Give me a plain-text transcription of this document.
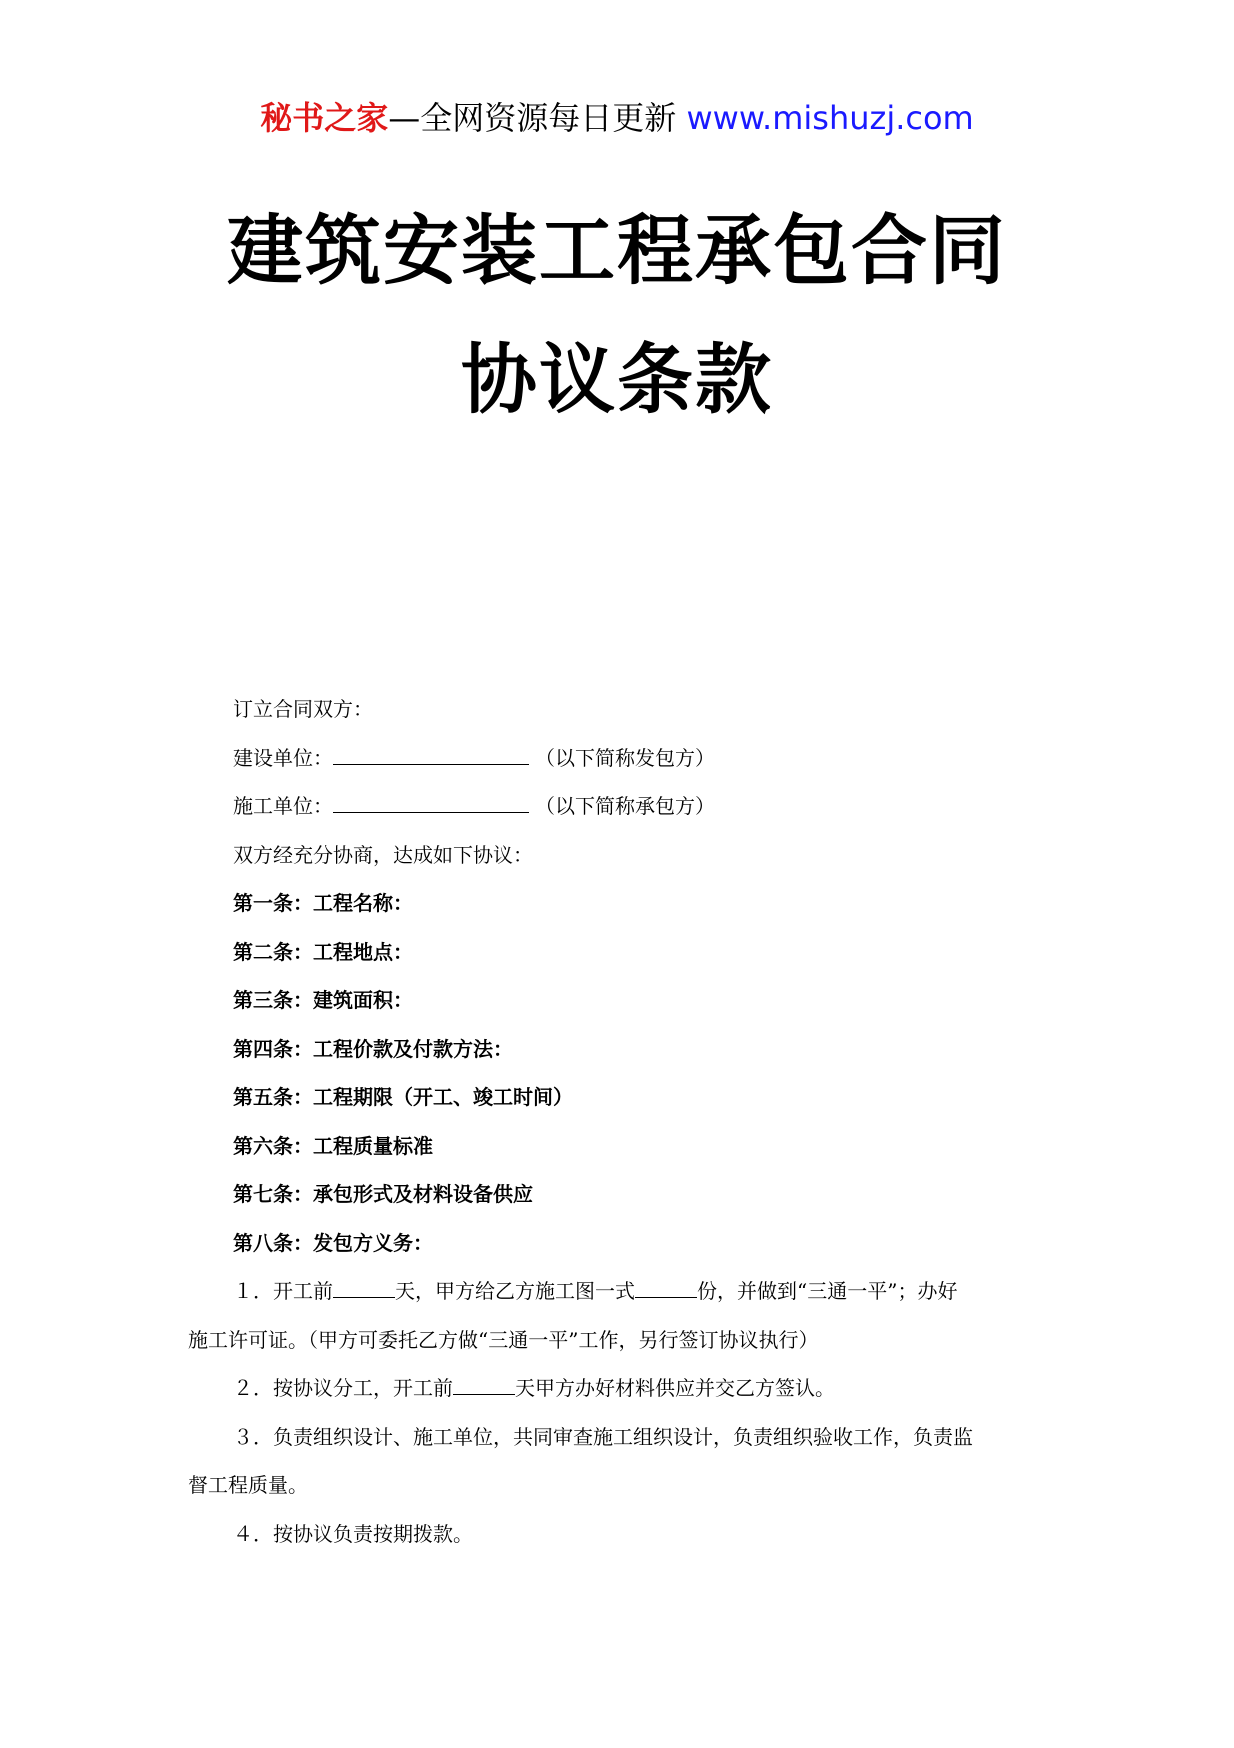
秘书之家—全网资源每日更新 www.mishuzj.com
建筑安装工程承包合同
协议条款
订立合同双方：
建设单位：	（以下简称发包方）
施工单位：	（以下简称承包方）
双方经充分协商，达成如下协议：
第一条：工程名称：
第二条：工程地点：
第三条：建筑面积：
第四条：工程价款及付款方法：
第五条：工程期限（开工、竣工时间）
第六条：工程质量标准
第七条：承包形式及材料设备供应
第八条：发包方义务：
１．开工前	天，甲方给乙方施工图一式	份，并做到“三通一平”；办好
施工许可证。（甲方可委托乙方做“三通一平”工作，另行签订协议执行）
２．按协议分工，开工前	天甲方办好材料供应并交乙方签认。
３．负责组织设计、施工单位，共同审查施工组织设计，负责组织验收工作，负责监
督工程质量。
４．按协议负责按期拨款。
